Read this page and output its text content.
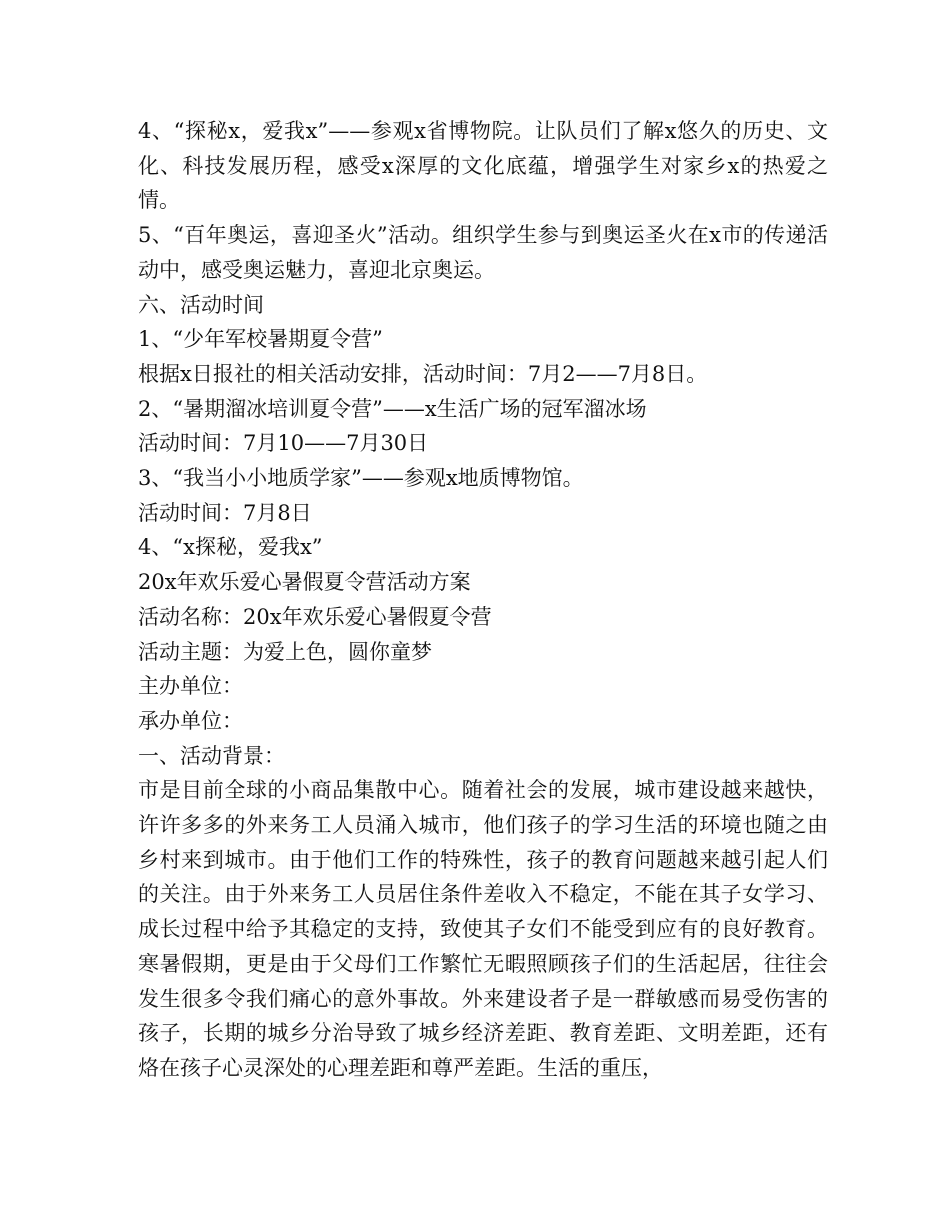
4、“探秘x，爱我x”——参观x省博物院。让队员们了解x悠久的历史、文化、科技发展历程，感受x深厚的文化底蕴，增强学生对家乡x的热爱之情。

5、“百年奥运，喜迎圣火”活动。组织学生参与到奥运圣火在x市的传递活动中，感受奥运魅力，喜迎北京奥运。

六、活动时间

1、“少年军校暑期夏令营”

根据x日报社的相关活动安排，活动时间：7月2——7月8日。

2、“暑期溜冰培训夏令营”——x生活广场的冠军溜冰场

活动时间：7月10——7月30日

3、“我当小小地质学家”——参观x地质博物馆。

活动时间：7月8日

4、“x探秘，爱我x”

20x年欢乐爱心暑假夏令营活动方案

活动名称：20x年欢乐爱心暑假夏令营

活动主题：为爱上色，圆你童梦

主办单位：

承办单位：

一、活动背景：

市是目前全球的小商品集散中心。随着社会的发展，城市建设越来越快，许许多多的外来务工人员涌入城市，他们孩子的学习生活的环境也随之由乡村来到城市。由于他们工作的特殊性，孩子的教育问题越来越引起人们的关注。由于外来务工人员居住条件差收入不稳定，不能在其子女学习、成长过程中给予其稳定的支持，致使其子女们不能受到应有的良好教育。寒暑假期，更是由于父母们工作繁忙无暇照顾孩子们的生活起居，往往会发生很多令我们痛心的意外事故。外来建设者子是一群敏感而易受伤害的孩子，长期的城乡分治导致了城乡经济差距、教育差距、文明差距，还有烙在孩子心灵深处的心理差距和尊严差距。生活的重压，
